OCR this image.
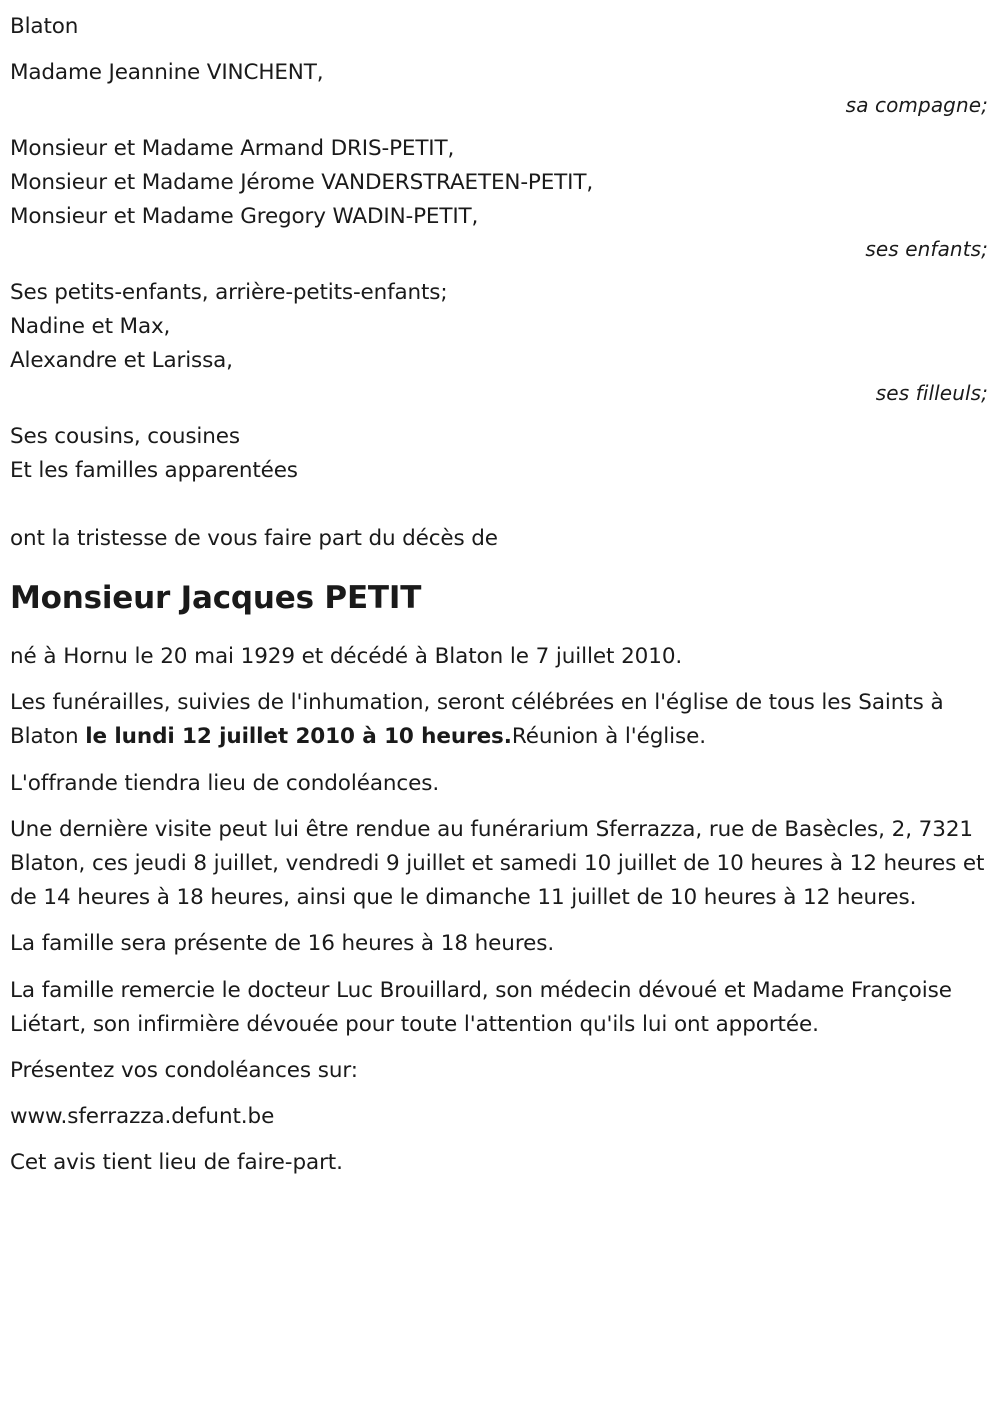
Blaton
Madame Jeannine VINCHENT,
sa compagne;
Monsieur et Madame Armand DRIS-PETIT,
Monsieur et Madame Jérome VANDERSTRAETEN-PETIT,
Monsieur et Madame Gregory WADIN-PETIT,
ses enfants;
Ses petits-enfants, arrière-petits-enfants;
Nadine et Max,
Alexandre et Larissa,
ses filleuls;
Ses cousins, cousines
Et les familles apparentées
ont la tristesse de vous faire part du décès de
Monsieur Jacques PETIT

né à Hornu le 20 mai 1929 et décédé à Blaton le 7 juillet 2010.

Les funérailles, suivies de l'inhumation, seront célébrées en l'église de tous les Saints à Blaton le lundi 12 juillet 2010 à 10 heures.Réunion à l'église.

L'offrande tiendra lieu de condoléances.

Une dernière visite peut lui être rendue au funérarium Sferrazza, rue de Basècles, 2, 7321 Blaton, ces jeudi 8 juillet, vendredi 9 juillet et samedi 10 juillet de 10 heures à 12 heures et de 14 heures à 18 heures, ainsi que le dimanche 11 juillet de 10 heures à 12 heures.

La famille sera présente de 16 heures à 18 heures.

La famille remercie le docteur Luc Brouillard, son médecin dévoué et Madame Françoise Liétart, son infirmière dévouée pour toute l'attention qu'ils lui ont apportée.

Présentez vos condoléances sur:

www.sferrazza.defunt.be

Cet avis tient lieu de faire-part.
